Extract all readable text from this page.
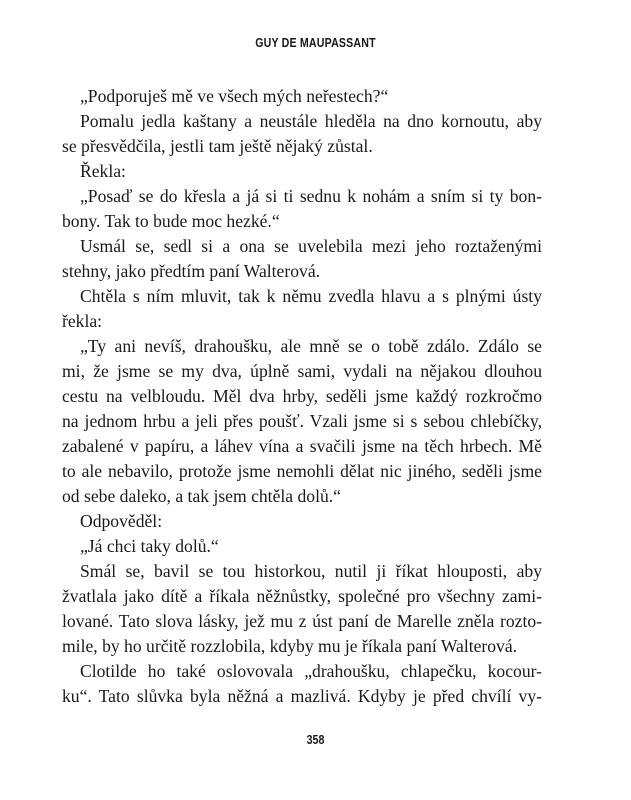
GUY DE MAUPASSANT
„Podporuješ mě ve všech mých neřestech?“
Pomalu jedla kaštany a neustále hleděla na dno kornoutu, aby
se přesvědčila, jestli tam ještě nějaký zůstal.
Řekla:
„Posaď se do křesla a já si ti sednu k nohám a sním si ty bon-
bony. Tak to bude moc hezké.“
Usmál se, sedl si a ona se uvelebila mezi jeho roztaženými
stehny, jako předtím paní Walterová.
Chtěla s ním mluvit, tak k němu zvedla hlavu a s plnými ústy
řekla:
„Ty ani nevíš, drahoušku, ale mně se o tobě zdálo. Zdálo se
mi, že jsme se my dva, úplně sami, vydali na nějakou dlouhou
cestu na velbloudu. Měl dva hrby, seděli jsme každý rozkročmo
na jednom hrbu a jeli přes poušť. Vzali jsme si s sebou chlebíčky,
zabalené v papíru, a láhev vína a svačili jsme na těch hrbech. Mě
to ale nebavilo, protože jsme nemohli dělat nic jiného, seděli jsme
od sebe daleko, a tak jsem chtěla dolů.“
Odpověděl:
„Já chci taky dolů.“
Smál se, bavil se tou historkou, nutil ji říkat hlouposti, aby
žvatlala jako dítě a říkala něžnůstky, společné pro všechny zami-
lované. Tato slova lásky, jež mu z úst paní de Marelle zněla rozto-
mile, by ho určitě rozzlobila, kdyby mu je říkala paní Walterová.
Clotilde ho také oslovovala „drahoušku, chlapečku, kocour-
ku“. Tato slůvka byla něžná a mazlivá. Kdyby je před chvílí vy-
358
